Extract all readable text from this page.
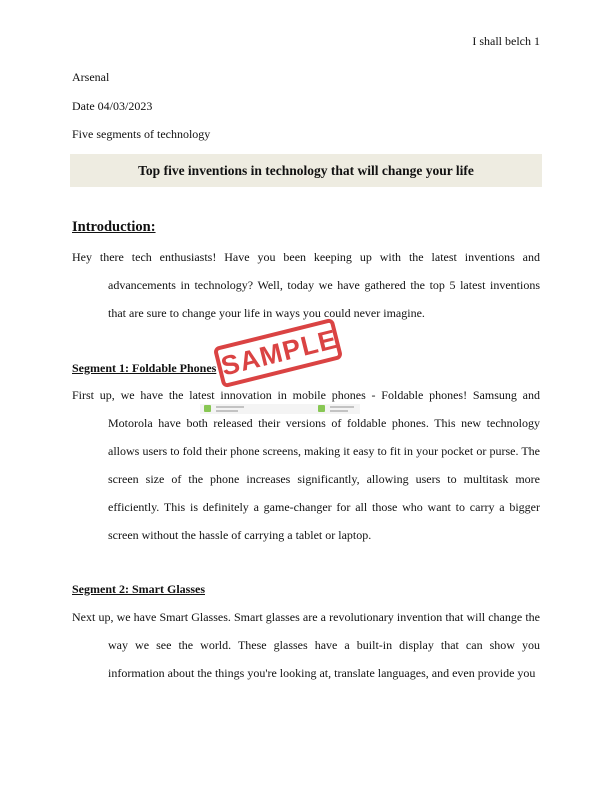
I shall belch 1
Arsenal
Date 04/03/2023
Five segments of technology
Top five inventions in technology that will change your life
Introduction:
Hey there tech enthusiasts! Have you been keeping up with the latest inventions and advancements in technology? Well, today we have gathered the top 5 latest inventions that are sure to change your life in ways you could never imagine.
Segment 1: Foldable Phones
First up, we have the latest innovation in mobile phones - Foldable phones! Samsung and Motorola have both released their versions of foldable phones. This new technology allows users to fold their phone screens, making it easy to fit in your pocket or purse. The screen size of the phone increases significantly, allowing users to multitask more efficiently. This is definitely a game-changer for all those who want to carry a bigger screen without the hassle of carrying a tablet or laptop.
Segment 2: Smart Glasses
Next up, we have Smart Glasses. Smart glasses are a revolutionary invention that will change the way we see the world. These glasses have a built-in display that can show you information about the things you're looking at, translate languages, and even provide you
SAMPLE
